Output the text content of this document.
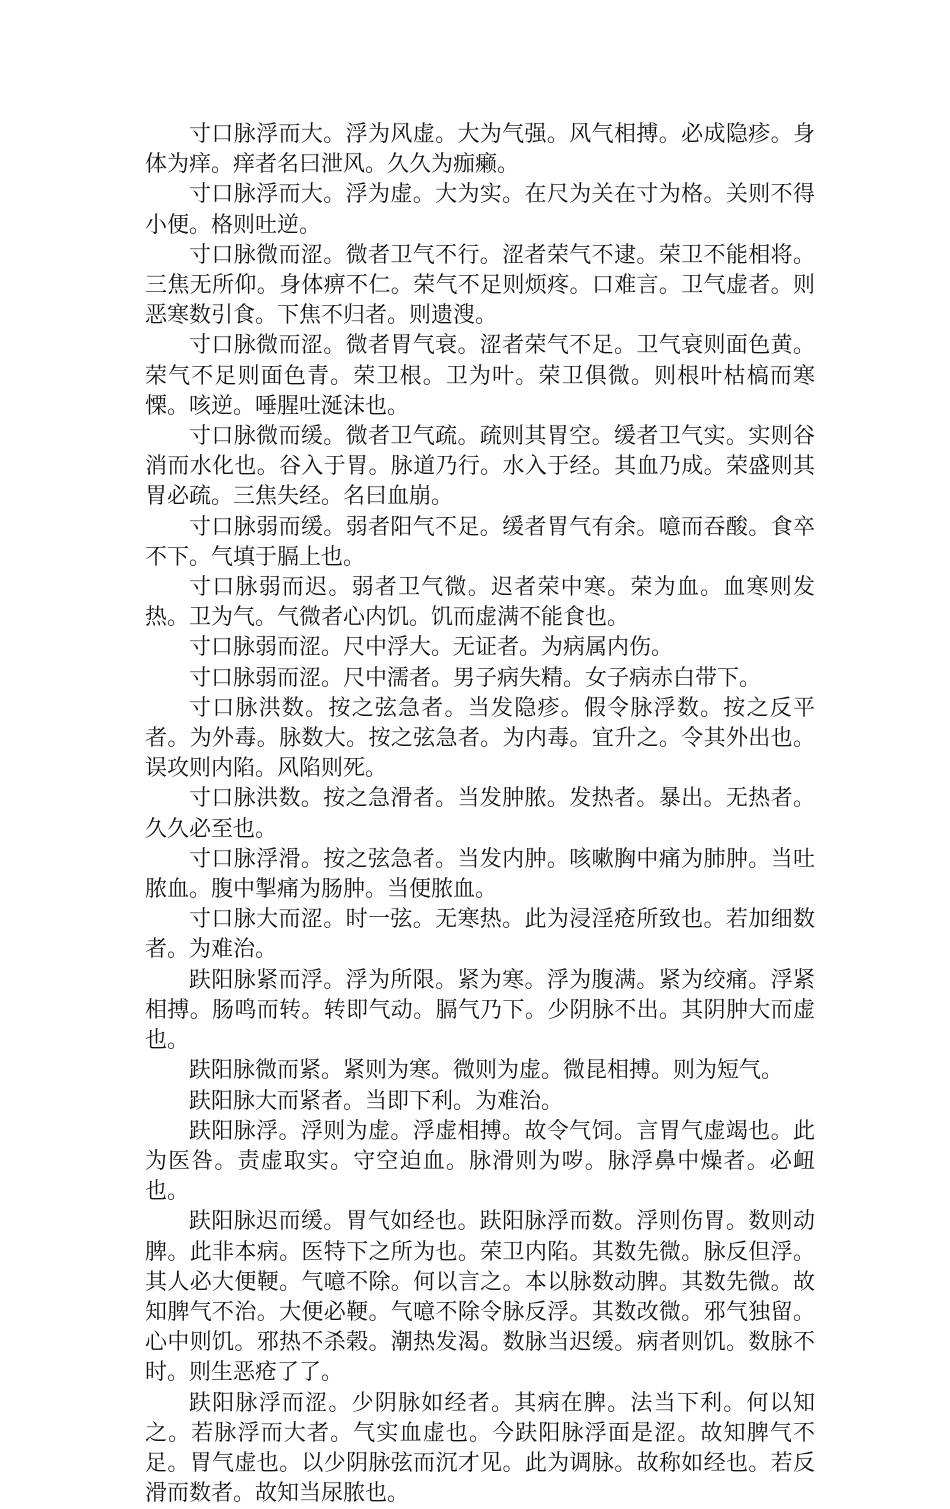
寸口脉浮而大。浮为风虚。大为气强。风气相搏。必成隐疹。身体为痒。痒者名曰泄风。久久为痂癞。

寸口脉浮而大。浮为虚。大为实。在尺为关在寸为格。关则不得小便。格则吐逆。

寸口脉微而涩。微者卫气不行。涩者荣气不逮。荣卫不能相将。三焦无所仰。身体痹不仁。荣气不足则烦疼。口难言。卫气虚者。则恶寒数引食。下焦不归者。则遗溲。

寸口脉微而涩。微者胃气衰。涩者荣气不足。卫气衰则面色黄。荣气不足则面色青。荣卫根。卫为叶。荣卫俱微。则根叶枯槁而寒慄。咳逆。唾腥吐涎沫也。

寸口脉微而缓。微者卫气疏。疏则其胃空。缓者卫气实。实则谷消而水化也。谷入于胃。脉道乃行。水入于经。其血乃成。荣盛则其胃必疏。三焦失经。名曰血崩。

寸口脉弱而缓。弱者阳气不足。缓者胃气有余。噫而吞酸。食卒不下。气填于膈上也。

寸口脉弱而迟。弱者卫气微。迟者荣中寒。荣为血。血寒则发热。卫为气。气微者心内饥。饥而虚满不能食也。

寸口脉弱而涩。尺中浮大。无证者。为病属内伤。

寸口脉弱而涩。尺中濡者。男子病失精。女子病赤白带下。

寸口脉洪数。按之弦急者。当发隐疹。假令脉浮数。按之反平者。为外毒。脉数大。按之弦急者。为内毒。宜升之。令其外出也。误攻则内陷。风陷则死。

寸口脉洪数。按之急滑者。当发肿脓。发热者。暴出。无热者。久久必至也。

寸口脉浮滑。按之弦急者。当发内肿。咳嗽胸中痛为肺肿。当吐脓血。腹中掣痛为肠肿。当便脓血。

寸口脉大而涩。时一弦。无寒热。此为浸淫疮所致也。若加细数者。为难治。

趺阳脉紧而浮。浮为所限。紧为寒。浮为腹满。紧为绞痛。浮紧相搏。肠鸣而转。转即气动。膈气乃下。少阴脉不出。其阴肿大而虚也。

趺阳脉微而紧。紧则为寒。微则为虚。微昆相搏。则为短气。

趺阳脉大而紧者。当即下利。为难治。

趺阳脉浮。浮则为虚。浮虚相搏。故令气饲。言胃气虚竭也。此为医咎。责虚取实。守空迫血。脉滑则为哕。脉浮鼻中燥者。必衄也。

趺阳脉迟而缓。胃气如经也。趺阳脉浮而数。浮则伤胃。数则动脾。此非本病。医特下之所为也。荣卫内陷。其数先微。脉反但浮。其人必大便鞕。气噫不除。何以言之。本以脉数动脾。其数先微。故知脾气不治。大便必鞕。气噫不除令脉反浮。其数改微。邪气独留。心中则饥。邪热不杀榖。潮热发渴。数脉当迟缓。病者则饥。数脉不时。则生恶疮了了。

趺阳脉浮而涩。少阴脉如经者。其病在脾。法当下利。何以知之。若脉浮而大者。气实血虚也。今趺阳脉浮面是涩。故知脾气不足。胃气虚也。以少阴脉弦而沉才见。此为调脉。故称如经也。若反滑而数者。故知当尿脓也。
